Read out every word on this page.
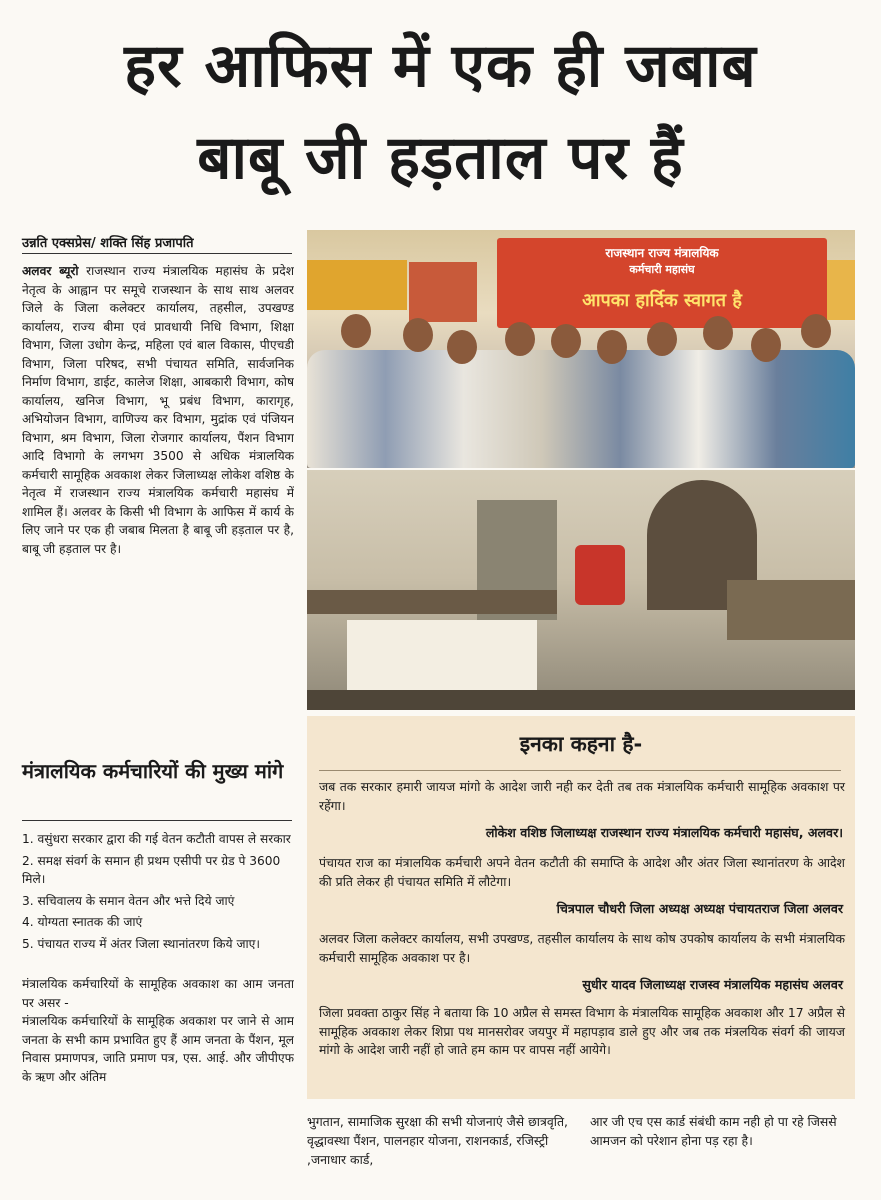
हर आफिस में एक ही जबाब
बाबू जी हड़ताल पर हैं
उन्नति एक्सप्रेस/ शक्ति सिंह प्रजापति
अलवर ब्यूरो राजस्थान राज्य मंत्रालयिक महासंघ के प्रदेश नेतृत्व के आह्वान पर समूचे राजस्थान के साथ साथ अलवर जिले के जिला कलेक्टर कार्यालय, तहसील, उपखण्ड कार्यालय, राज्य बीमा एवं प्रावधायी निधि विभाग, शिक्षा विभाग, जिला उधोग केन्द्र, महिला एवं बाल विकास, पीएचडी विभाग, जिला परिषद, सभी पंचायत समिति, सार्वजनिक निर्माण विभाग, डाईट, कालेज शिक्षा, आबकारी विभाग, कोष कार्यालय, खनिज विभाग, भू प्रबंध विभाग, कारागृह, अभियोजन विभाग, वाणिज्य कर विभाग, मुद्रांक एवं पंजियन विभाग, श्रम विभाग, जिला रोजगार कार्यालय, पैंशन विभाग आदि विभागो के लगभग 3500 से अधिक मंत्रालयिक कर्मचारी सामूहिक अवकाश लेकर जिलाध्यक्ष लोकेश वशिष्ठ के नेतृत्व में राजस्थान राज्य मंत्रालयिक कर्मचारी महासंघ में शामिल हैं। अलवर के किसी भी विभाग के आफिस में कार्य के लिए जाने पर एक ही जबाब मिलता है बाबू जी हड़ताल पर है, बाबू जी हड़ताल पर है।
मंत्रालयिक कर्मचारियों की मुख्य मांगे
1. वसुंधरा सरकार द्वारा की गई वेतन कटौती वापस ले सरकार
2. समक्ष संवर्ग के समान ही प्रथम एसीपी पर ग्रेड पे 3600 मिले।
3. सचिवालय के समान वेतन और भत्ते दिये जाएं
4. योग्यता स्नातक की जाएं
5. पंचायत राज्य में अंतर जिला स्थानांतरण किये जाए।
मंत्रालयिक कर्मचारियों के सामूहिक अवकाश का आम जनता पर असर -
मंत्रालयिक कर्मचारियों के सामूहिक अवकाश पर जाने से आम जनता के सभी काम प्रभावित हुए हैं आम जनता के पैंशन, मूल निवास प्रमाणपत्र, जाति प्रमाण पत्र, एस. आई. और जीपीएफ के ऋण और अंतिम
राजस्थान राज्य मंत्रालयिक
कर्मचारी महासंघ
आपका हार्दिक स्वागत है
इनका कहना है-
जब तक सरकार हमारी जायज मांगो के आदेश जारी नही कर देती तब तक मंत्रालयिक कर्मचारी सामूहिक अवकाश पर रहेंगा।
लोकेश वशिष्ठ जिलाध्यक्ष राजस्थान राज्य मंत्रालयिक कर्मचारी महासंघ, अलवर।
पंचायत राज का मंत्रालयिक कर्मचारी अपने वेतन कटौती की समाप्ति के आदेश और अंतर जिला स्थानांतरण के आदेश की प्रति लेकर ही पंचायत समिति में लौटेगा।
चित्रपाल चौधरी जिला अध्यक्ष अध्यक्ष पंचायतराज जिला अलवर
अलवर जिला कलेक्टर कार्यालय, सभी उपखण्ड, तहसील कार्यालय के साथ कोष उपकोष कार्यालय के सभी मंत्रालयिक कर्मचारी सामूहिक अवकाश पर है।
सुधीर यादव जिलाध्यक्ष राजस्व मंत्रालयिक महासंघ अलवर
जिला प्रवक्ता ठाकुर सिंह ने बताया कि 10 अप्रैल से समस्त विभाग के मंत्रालयिक सामूहिक अवकाश और 17 अप्रैल से सामूहिक अवकाश लेकर शिप्रा पथ मानसरोवर जयपुर में महापड़ाव डाले हुए और जब तक मंत्रलयिक संवर्ग की जायज मांगो के आदेश जारी नहीं हो जाते हम काम पर वापस नहीं आयेगे।
भुगतान, सामाजिक सुरक्षा की सभी योजनाएं जैसे छात्रवृति, वृद्धावस्था पैंशन, पालनहार योजना, राशनकार्ड, रजिस्ट्री ,जनाधार कार्ड,
आर जी एच एस कार्ड संबंधी काम नही हो पा रहे जिससे आमजन को परेशान होना पड़ रहा है।
